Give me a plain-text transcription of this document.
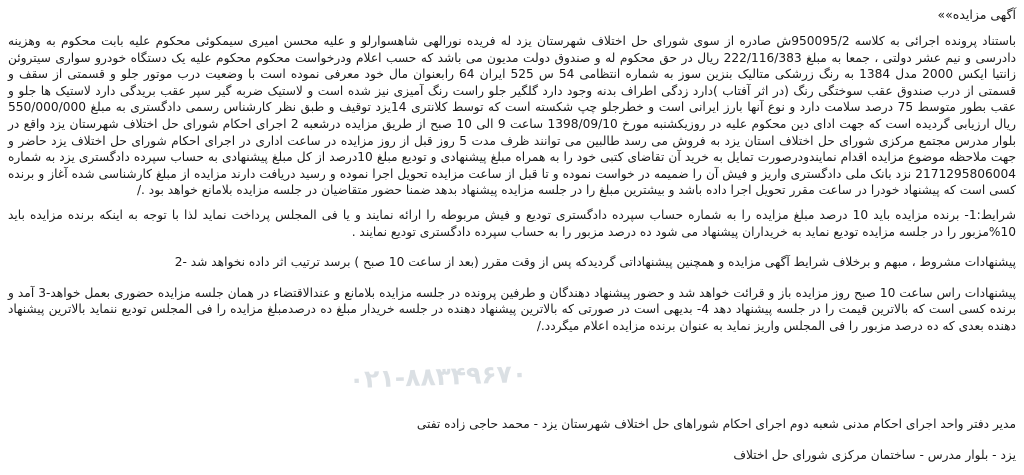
آگهی مزایده»»

باستناد پرونده اجرائی به کلاسه 950095/2ش صادره از سوی شورای حل اختلاف شهرستان یزد له فریده نورالهی شاهسوارلو و علیه محسن امیری سیمکوئی محکوم علیه بابت محکوم به وهزینه دادرسی و نیم عشر دولتی ، جمعا به مبلغ 222/116/383 ریال در حق محکوم له و صندوق دولت مدیون می باشد که حسب اعلام ودرخواست محکوم محکوم علیه یک دستگاه خودرو سواری سیتروئن زانتیا ایکس 2000 مدل 1384 به رنگ زرشکی متالیک بنزین سوز به شماره انتظامی 54 س 525 ایران 64 رابعنوان مال خود معرفی نموده است با وضعیت درب موتور جلو و قسمتی از سقف و قسمتی از درب صندوق عقب سوختگی رنگ (در اثر آفتاب )دارد زدگی اطراف بدنه وجود دارد گلگیر جلو راست رنگ آمیزی نیز شده است و لاستیک ضربه گیر سپر عقب بریدگی دارد لاستیک ها جلو و عقب بطور متوسط 75 درصد سلامت دارد و نوع آنها بارز ایرانی است و خطرجلو چپ شکسته است که توسط کلانتری 14یزد توقیف و طبق نظر کارشناس رسمی دادگستری به مبلغ 550/000/000 ریال ارزیابی گردیده است که جهت ادای دین محکوم علیه در روزیکشنبه مورخ 1398/09/10 ساعت 9 الی 10 صبح از طریق مزایده درشعبه 2 اجرای احکام شورای حل اختلاف شهرستان یزد واقع در بلوار مدرس مجتمع مرکزی شورای حل اختلاف استان یزد به فروش می رسد طالبین می توانند ظرف مدت 5 روز قبل از روز مزایده در ساعت اداری در اجرای احکام شورای حل اختلاف یزد حاضر و جهت ملاحظه موضوع مزایده اقدام نمایندودرصورت تمایل به خرید آن تقاضای کتبی خود را به همراه مبلغ پیشنهادی و تودیع مبلغ 10درصد از کل مبلغ پیشنهادی به حساب سپرده دادگستری یزد به شماره 2171295806004 نزد بانک ملی دادگستری واریز و فیش آن را ضمیمه در خواست نموده و تا قبل از ساعت مزایده تحویل اجرا نموده و رسید دریافت دارند مزایده از مبلغ کارشناسی شده آغاز و برنده کسی است که پیشنهاد خودرا در ساعت مقرر تحویل اجرا داده باشد و بیشترین مبلغ را در جلسه مزایده پیشنهاد بدهد ضمنا حضور متقاضیان در جلسه مزایده بلامانع خواهد بود ./

شرایط:1- برنده مزایده باید 10 درصد مبلغ مزایده را به شماره حساب سپرده دادگستری تودیع و فیش مربوطه را ارائه نمایند و یا فی المجلس پرداخت نماید لذا با توجه به اینکه برنده مزایده باید 10%مزبور را در جلسه مزایده تودیع نماید به خریداران پیشنهاد می شود ده درصد مزبور را به حساب سپرده دادگستری تودیع نمایند .

پیشنهادات مشروط ، مبهم و برخلاف شرایط آگهی مزایده و همچنین پیشنهاداتی گردیدکه پس از وقت مقرر (بعد از ساعت 10 صبح ) برسد ترتیب اثر داده نخواهد شد -2

پیشنهادات راس ساعت 10 صبح روز مزایده باز و قرائت خواهد شد و حضور پیشنهاد دهندگان و طرفین پرونده در جلسه مزایده بلامانع و عندالاقتضاء در همان جلسه مزایده حضوری بعمل خواهد-3 آمد و برنده کسی است که بالاترین قیمت را در جلسه پیشنهاد دهد 4- بدیهی است در صورتی که بالاترین پیشنهاد دهنده در جلسه خریدار مبلغ ده درصدمبلغ مزایده را فی المجلس تودیع ننماید بالاترین پیشنهاد دهنده بعدی که ده درصد مزبور را فی المجلس واریز نماید به عنوان برنده مزایده اعلام میگردد./

۰۲۱-۸۸۳۴۹۶۷۰

مدیر دفتر واحد اجرای احکام مدنی شعبه دوم اجرای احکام شوراهای حل اختلاف شهرستان یزد - محمد حاجی زاده تفتی

یزد - بلوار مدرس - ساختمان مرکزی شورای حل اختلاف
